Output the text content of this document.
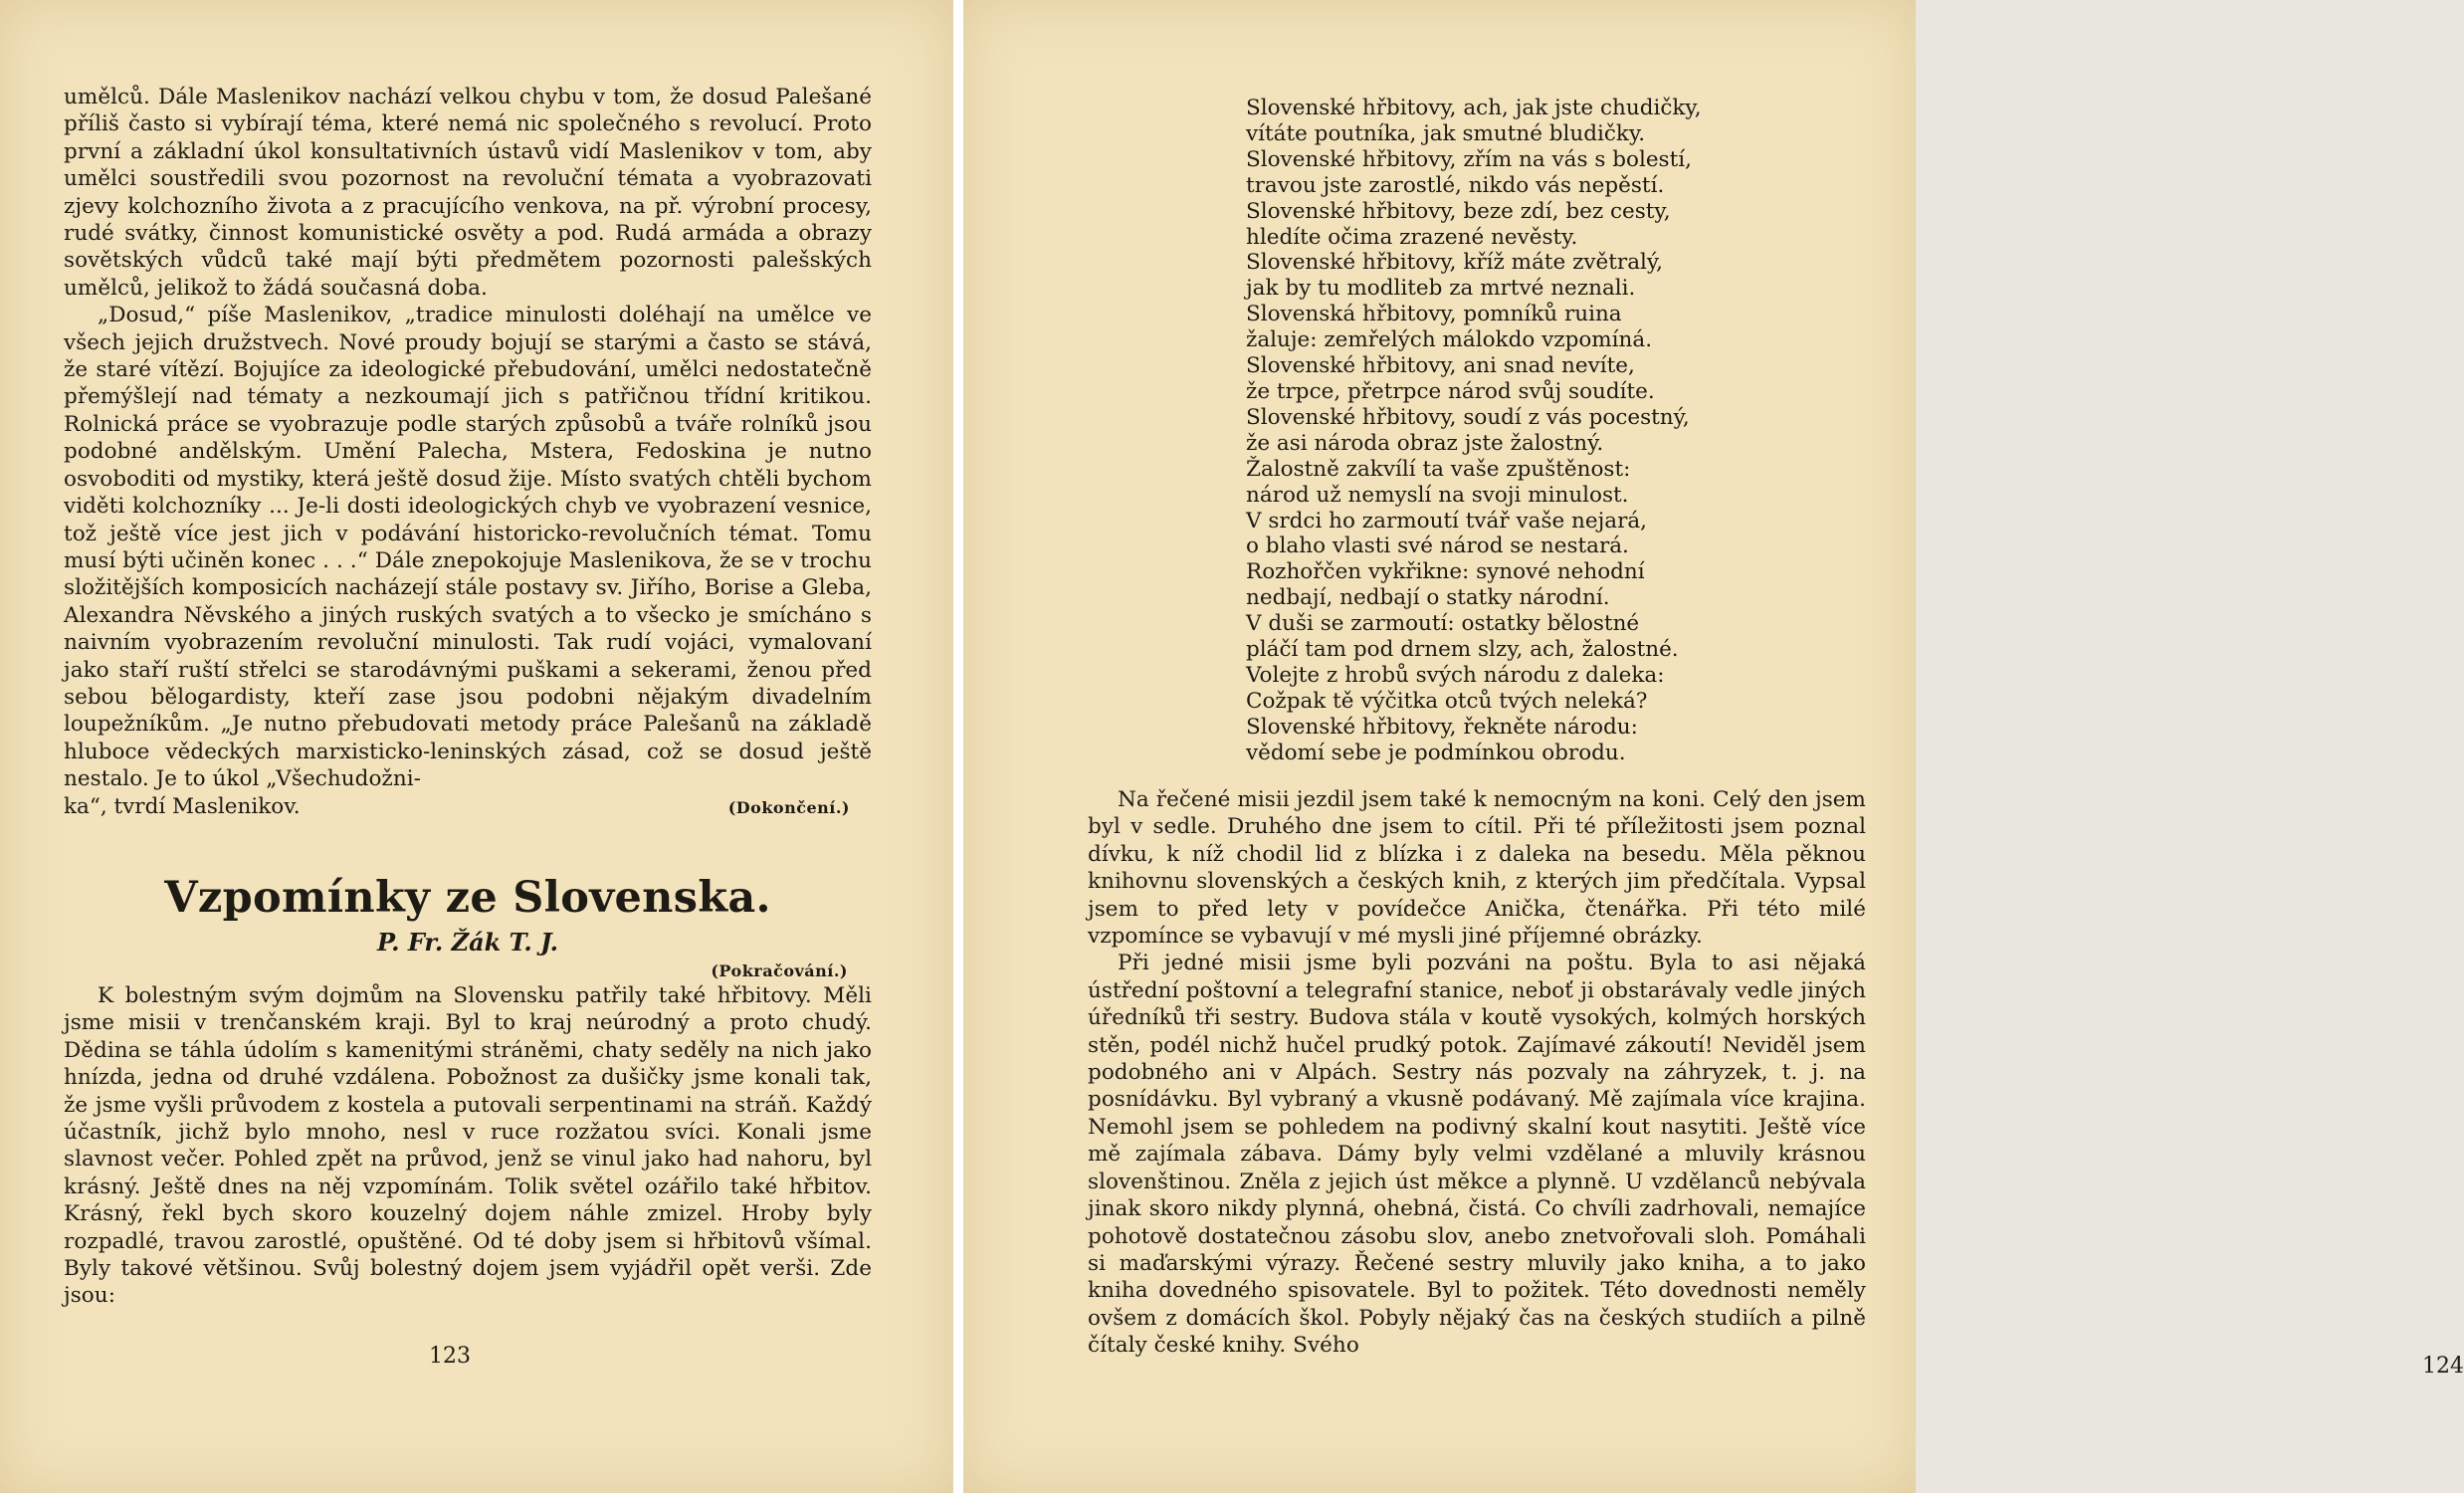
umělců. Dále Maslenikov nachází velkou chybu v tom, že dosud Palešané příliš často si vybírají téma, které nemá nic společného s revolucí. Proto první a základní úkol konsultativních ústavů vidí Maslenikov v tom, aby umělci soustředili svou pozornost na revoluční témata a vyobrazovati zjevy kolchozního života a z pracujícího venkova, na př. výrobní procesy, rudé svátky, činnost komunistické osvěty a pod. Rudá armáda a obrazy sovětských vůdců také mají býti předmětem pozornosti palešských umělců, jelikož to žádá současná doba.

„Dosud,“ píše Maslenikov, „tradice minulosti doléhají na umělce ve všech jejich družstvech. Nové proudy bojují se starými a často se stává, že staré vítězí. Bojujíce za ideologické přebudování, umělci nedostatečně přemýšlejí nad tématy a nezkoumají jich s patřičnou třídní kritikou. Rolnická práce se vyobrazuje podle starých způsobů a tváře rolníků jsou podobné andělským. Umění Palecha, Mstera, Fedoskina je nutno osvoboditi od mystiky, která ještě dosud žije. Místo svatých chtěli bychom viděti kolchozníky ... Je-li dosti ideologických chyb ve vyobrazení vesnice, tož ještě více jest jich v podávání historicko-revolučních témat. Tomu musí býti učiněn konec . . .“ Dále znepokojuje Maslenikova, že se v trochu složitějších komposicích nacházejí stále postavy sv. Jiřího, Borise a Gleba, Alexandra Něvského a jiných ruských svatých a to všecko je smícháno s naivním vyobrazením revoluční minulosti. Tak rudí vojáci, vymalovaní jako staří ruští střelci se starodávnými puškami a sekerami, ženou před sebou bělogardisty, kteří zase jsou podobni nějakým divadelním loupežníkům. „Je nutno přebudovati metody práce Palešanů na základě hluboce vědeckých marxisticko-leninských zásad, což se dosud ještě nestalo. Je to úkol „Všechudožni-

ka“, tvrdí Maslenikov.	(Dokončení.)
Vzpomínky ze Slovenska.
P. Fr. Žák T. J.
(Pokračování.)

K bolestným svým dojmům na Slovensku patřily také hřbitovy. Měli jsme misii v trenčanském kraji. Byl to kraj neúrodný a proto chudý. Dědina se táhla údolím s kamenitými stráněmi, chaty seděly na nich jako hnízda, jedna od druhé vzdálena. Pobožnost za dušičky jsme konali tak, že jsme vyšli průvodem z kostela a putovali serpentinami na stráň. Každý účastník, jichž bylo mnoho, nesl v ruce rozžatou svíci. Konali jsme slavnost večer. Pohled zpět na průvod, jenž se vinul jako had nahoru, byl krásný. Ještě dnes na něj vzpomínám. Tolik světel ozářilo také hřbitov. Krásný, řekl bych skoro kouzelný dojem náhle zmizel. Hroby byly rozpadlé, travou zarostlé, opuštěné. Od té doby jsem si hřbitovů všímal. Byly takové většinou. Svůj bolestný dojem jsem vyjádřil opět verši. Zde jsou:

123	124
Slovenské hřbitovy, ach, jak jste chudičky,
vítáte poutníka, jak smutné bludičky.
Slovenské hřbitovy, zřím na vás s bolestí,
travou jste zarostlé, nikdo vás nepěstí.
Slovenské hřbitovy, beze zdí, bez cesty,
hledíte očima zrazené nevěsty.
Slovenské hřbitovy, kříž máte zvětralý,
jak by tu modliteb za mrtvé neznali.
Slovenská hřbitovy, pomníků ruina
žaluje: zemřelých málokdo vzpomíná.
Slovenské hřbitovy, ani snad nevíte,
že trpce, přetrpce národ svůj soudíte.
Slovenské hřbitovy, soudí z vás pocestný,
že asi národa obraz jste žalostný.
Žalostně zakvílí ta vaše zpuštěnost:
národ už nemyslí na svoji minulost.
V srdci ho zarmoutí tvář vaše nejará,
o blaho vlasti své národ se nestará.
Rozhořčen vykřikne: synové nehodní
nedbají, nedbají o statky národní.
V duši se zarmoutí: ostatky bělostné
pláčí tam pod drnem slzy, ach, žalostné.
Volejte z hrobů svých národu z daleka:
Cožpak tě výčitka otců tvých neleká?
Slovenské hřbitovy, řekněte národu:
vědomí sebe je podmínkou obrodu.

Na řečené misii jezdil jsem také k nemocným na koni. Celý den jsem byl v sedle. Druhého dne jsem to cítil. Při té příležitosti jsem poznal dívku, k níž chodil lid z blízka i z daleka na besedu. Měla pěknou knihovnu slovenských a českých knih, z kterých jim předčítala. Vypsal jsem to před lety v povídečce Anička, čtenářka. Při této milé vzpomínce se vybavují v mé mysli jiné příjemné obrázky.

Při jedné misii jsme byli pozváni na poštu. Byla to asi nějaká ústřední poštovní a telegrafní stanice, neboť ji obstarávaly vedle jiných úředníků tři sestry. Budova stála v koutě vysokých, kolmých horských stěn, podél nichž hučel prudký potok. Zajímavé zákoutí! Neviděl jsem podobného ani v Alpách. Sestry nás pozvaly na záhryzek, t. j. na posnídávku. Byl vybraný a vkusně podávaný. Mě zajímala více krajina. Nemohl jsem se pohledem na podivný skalní kout nasytiti. Ještě více mě zajímala zábava. Dámy byly velmi vzdělané a mluvily krásnou slovenštinou. Zněla z jejich úst měkce a plynně. U vzdělanců nebývala jinak skoro nikdy plynná, ohebná, čistá. Co chvíli zadrhovali, nemajíce pohotově dostatečnou zásobu slov, anebo znetvořovali sloh. Pomáhali si maďarskými výrazy. Řečené sestry mluvily jako kniha, a to jako kniha dovedného spisovatele. Byl to požitek. Této dovednosti neměly ovšem z domácích škol. Pobyly nějaký čas na českých studiích a pilně čítaly české knihy. Svého
